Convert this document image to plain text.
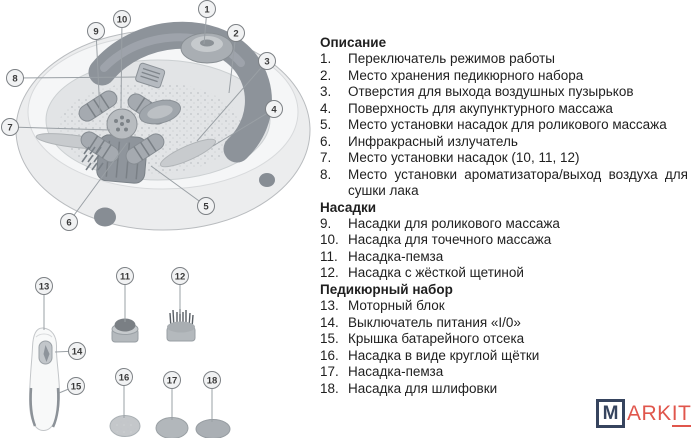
1
2
3
4
5
6
7
8
9
10
11	12
13
14
15
16	17	18
Описание
1.	Переключатель режимов работы
2.	Место хранения педикюрного набора
3.	Отверстия для выхода воздушных пузырьков
4.	Поверхность для акупунктурного массажа
5.	Место установки насадок для роликового массажа
6.	Инфракрасный излучатель
7.	Место установки насадок (10, 11, 12)
8.	Место установки ароматизатора/выход воздуха для сушки лака
Насадки
9.	Насадки для роликового массажа
10. Насадка для точечного массажа
11. Насадка-пемза
12. Насадка с жёсткой щетиной
Педикюрный набор
13. Моторный блок
14. Выключатель питания «I/0»
15. Крышка батарейного отсека
16. Насадка в виде круглой щётки
17. Насадка-пемза
18. Насадка для шлифовки
M ARKIT
